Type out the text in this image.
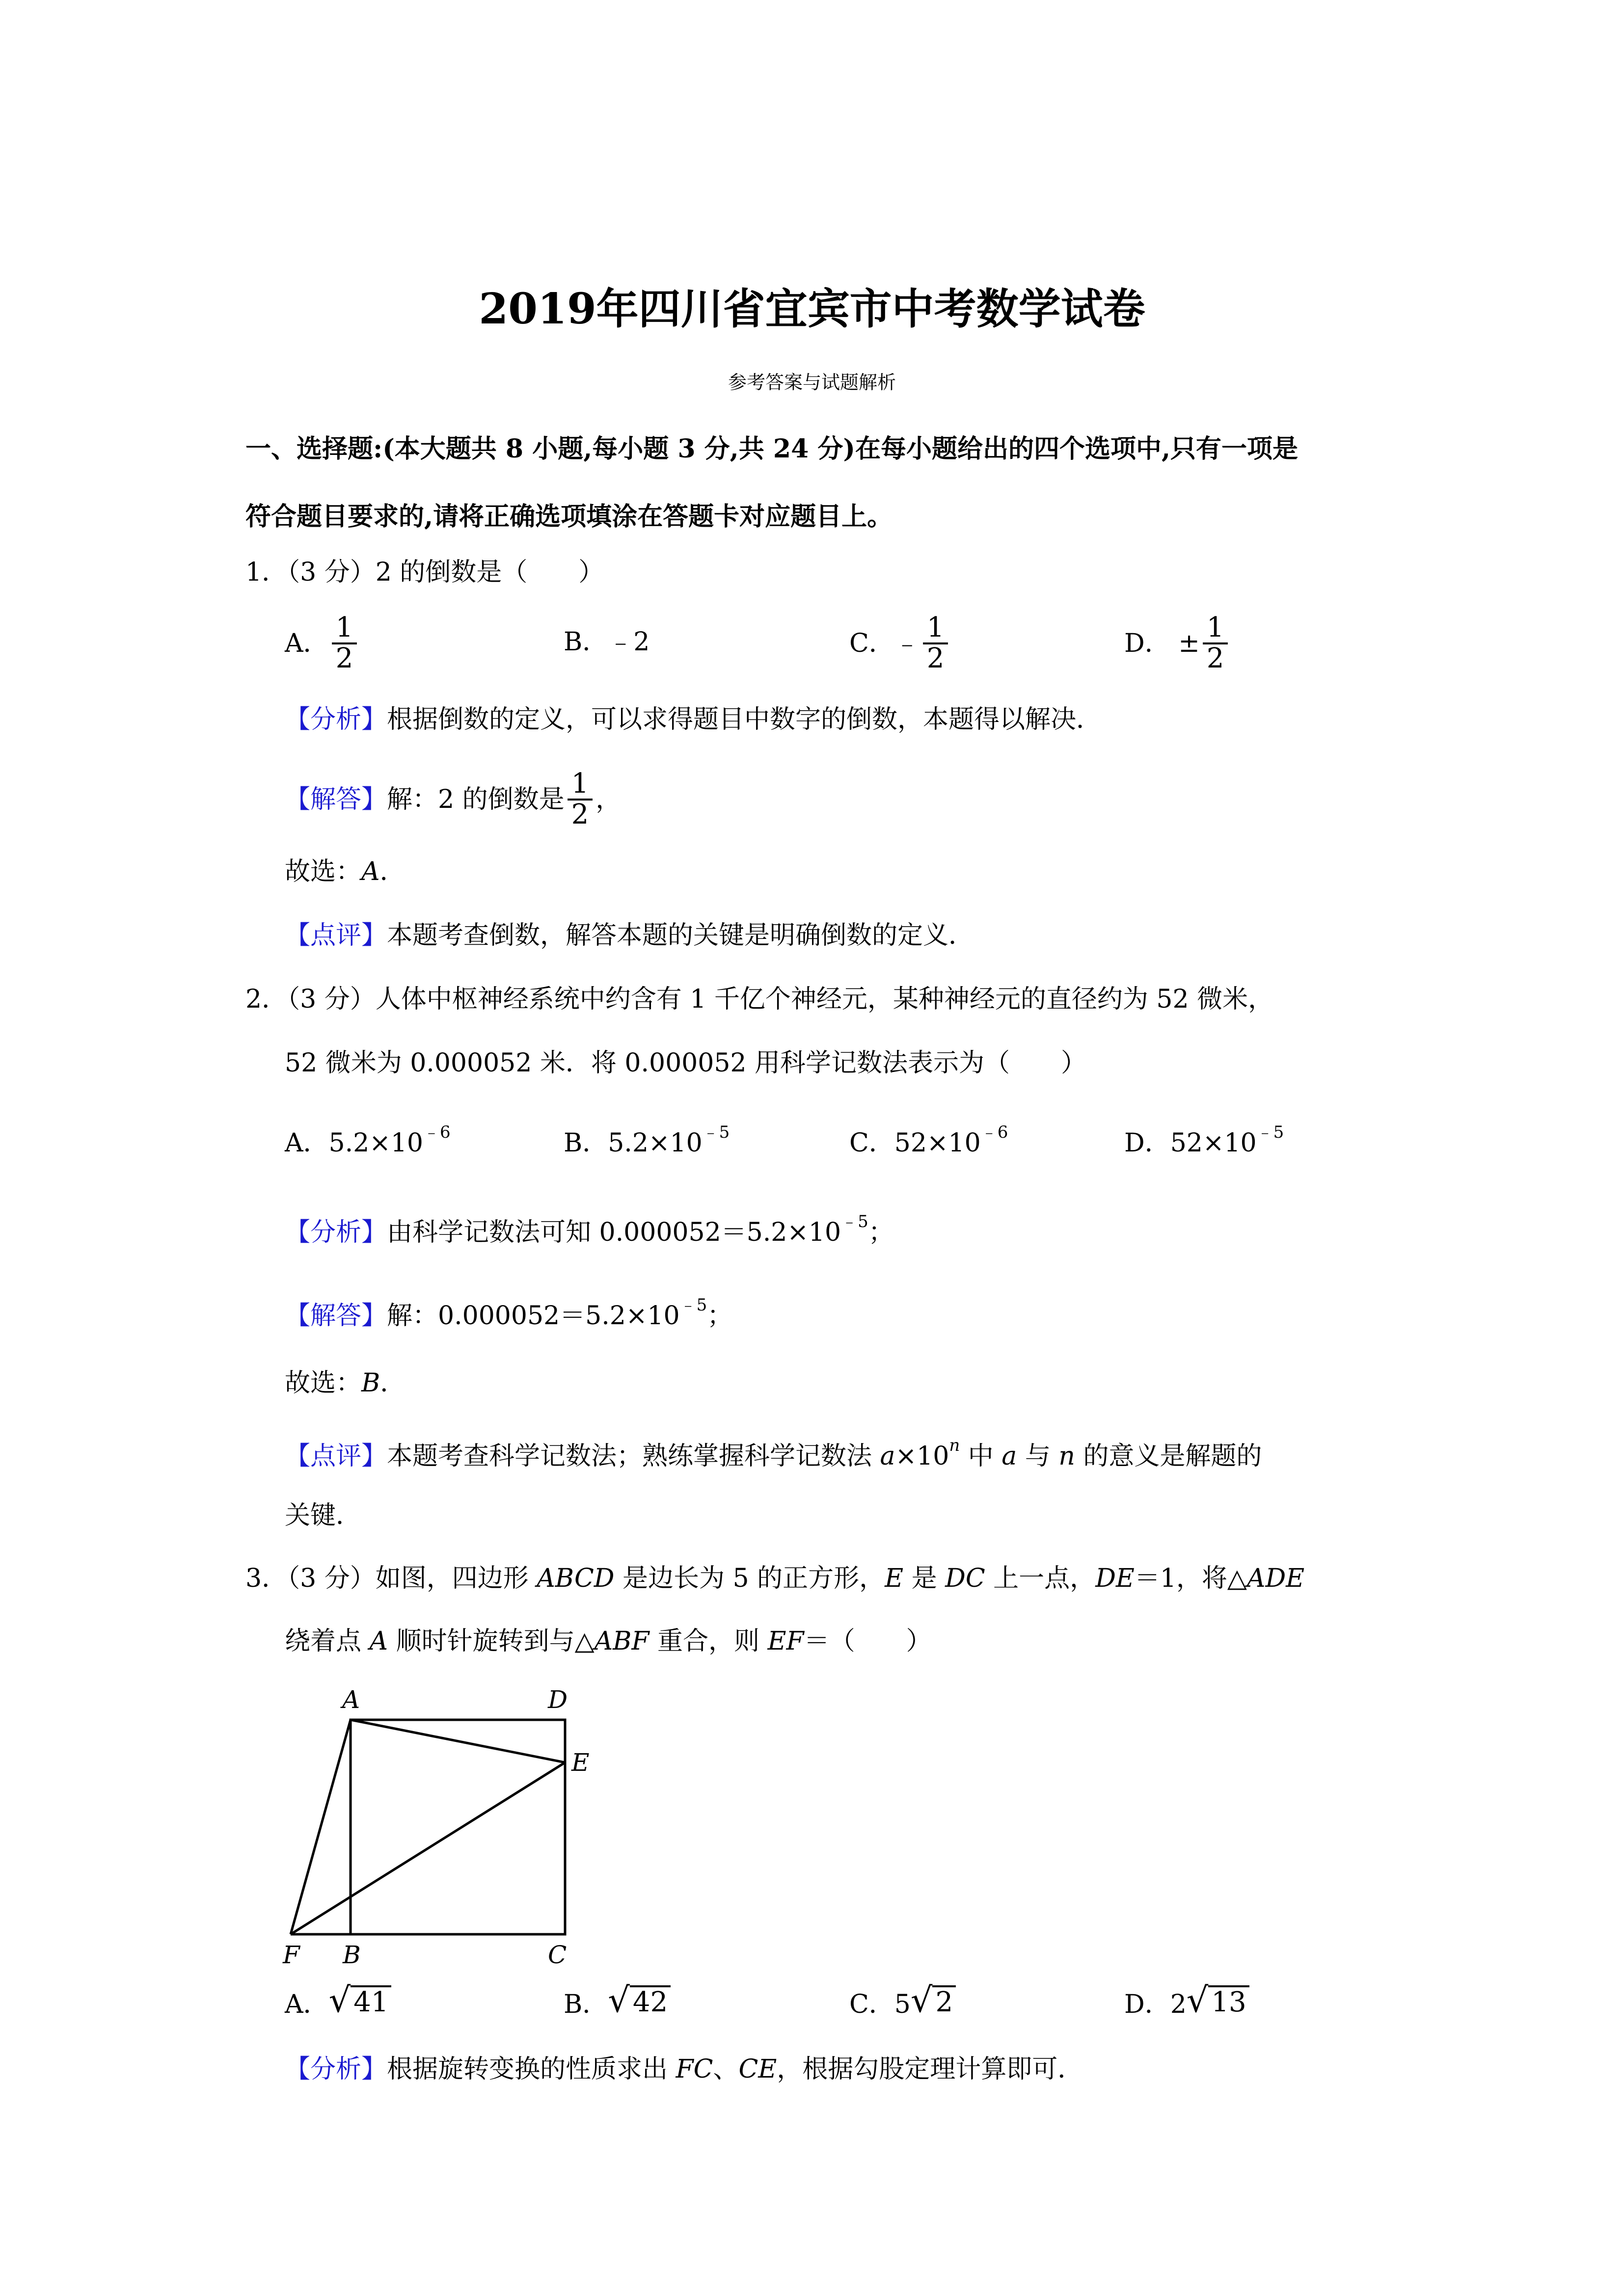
2019年四川省宜宾市中考数学试卷
参考答案与试题解析
一、选择题:(本大题共 8 小题,每小题 3 分,共 24 分)在每小题给出的四个选项中,只有一项是
符合题目要求的,请将正确选项填涂在答题卡对应题目上。
1．（3 分）2 的倒数是（　　）
A． $\frac{1}{2}$	B．﹣2	C．﹣ $\frac{1}{2}$	D． ± $\frac{1}{2}$
【分析】根据倒数的定义，可以求得题目中数字的倒数，本题得以解决．
【解答】 解：2 的倒数是 $\frac{1}{2}$ ，
故选：A．
【点评】本题考查倒数，解答本题的关键是明确倒数的定义．
2．（3 分）人体中枢神经系统中约含有 1 千亿个神经元，某种神经元的直径约为 52 微米，
52 微米为 0.000052 米．将 0.000052 用科学记数法表示为（　　）
A．$5.2\times 10^{﹣6}$	B．$5.2\times 10^{﹣5}$	C．$52\times 10^{﹣6}$	D．$52\times 10^{﹣5}$
【分析】由科学记数法可知 $0.000052=5.2\times 10^{﹣5}$；
【解答】解：$0.000052=5.2\times 10^{﹣5}$；
故选：B．
【点评】本题考查科学记数法；熟练掌握科学记数法 $a\times 10^n$ 中 a 与 n 的意义是解题的
关键．
3．（3 分）如图，四边形 ABCD 是边长为 5 的正方形，E 是 DC 上一点，DE＝1，将△ADE
绕着点 A 顺时针旋转到与△ABF 重合，则 EF＝（　　）
A	D
E
F B	C
A． √ 41	B． √ 42	C．5 √ 2	D．2 √ 13
【分析】根据旋转变换的性质求出 FC、CE，根据勾股定理计算即可．
